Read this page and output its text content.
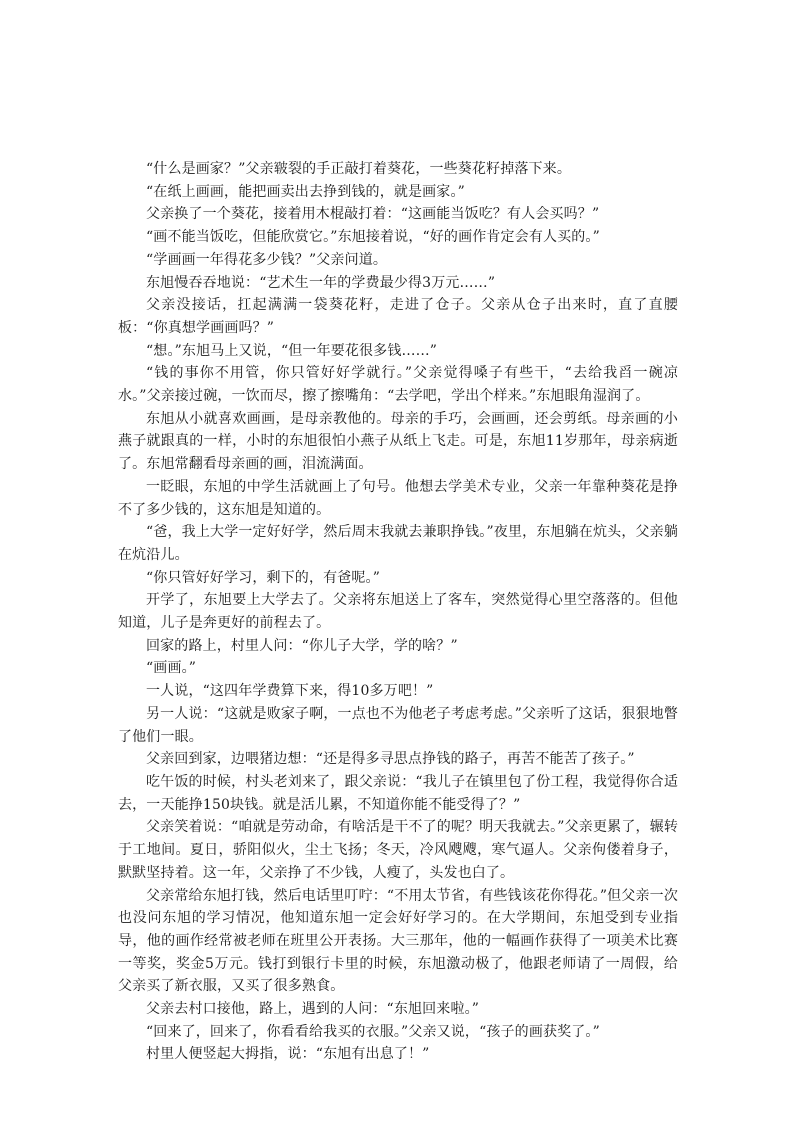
“什么是画家？”父亲皲裂的手正敲打着葵花，一些葵花籽掉落下来。

“在纸上画画，能把画卖出去挣到钱的，就是画家。”

父亲换了一个葵花，接着用木棍敲打着：“这画能当饭吃？有人会买吗？”

“画不能当饭吃，但能欣赏它。”东旭接着说，“好的画作肯定会有人买的。”

“学画画一年得花多少钱？”父亲问道。

东旭慢吞吞地说：“艺术生一年的学费最少得3万元……”

父亲没接话，扛起满满一袋葵花籽，走进了仓子。父亲从仓子出来时，直了直腰板：“你真想学画画吗？”

“想。”东旭马上又说，“但一年要花很多钱……”

“钱的事你不用管，你只管好好学就行。”父亲觉得嗓子有些干，“去给我舀一碗凉水。”父亲接过碗，一饮而尽，擦了擦嘴角：“去学吧，学出个样来。”东旭眼角湿润了。

东旭从小就喜欢画画，是母亲教他的。母亲的手巧，会画画，还会剪纸。母亲画的小燕子就跟真的一样，小时的东旭很怕小燕子从纸上飞走。可是，东旭11岁那年，母亲病逝了。东旭常翻看母亲画的画，泪流满面。

一眨眼，东旭的中学生活就画上了句号。他想去学美术专业，父亲一年靠种葵花是挣不了多少钱的，这东旭是知道的。

“爸，我上大学一定好好学，然后周末我就去兼职挣钱。”夜里，东旭躺在炕头，父亲躺在炕沿儿。

“你只管好好学习，剩下的，有爸呢。”

开学了，东旭要上大学去了。父亲将东旭送上了客车，突然觉得心里空落落的。但他知道，儿子是奔更好的前程去了。

回家的路上，村里人问：“你儿子大学，学的啥？”

“画画。”

一人说，“这四年学费算下来，得10多万吧！”

另一人说：“这就是败家子啊，一点也不为他老子考虑考虑。”父亲听了这话，狠狠地瞥了他们一眼。

父亲回到家，边喂猪边想：“还是得多寻思点挣钱的路子，再苦不能苦了孩子。”

吃午饭的时候，村头老刘来了，跟父亲说：“我儿子在镇里包了份工程，我觉得你合适去，一天能挣150块钱。就是活儿累，不知道你能不能受得了？”

父亲笑着说：“咱就是劳动命，有啥活是干不了的呢？明天我就去。”父亲更累了，辗转于工地间。夏日，骄阳似火，尘土飞扬；冬天，冷风飕飕，寒气逼人。父亲佝偻着身子，默默坚持着。这一年，父亲挣了不少钱，人瘦了，头发也白了。

父亲常给东旭打钱，然后电话里叮咛：“不用太节省，有些钱该花你得花。”但父亲一次也没问东旭的学习情况，他知道东旭一定会好好学习的。在大学期间，东旭受到专业指导，他的画作经常被老师在班里公开表扬。大三那年，他的一幅画作获得了一项美术比赛一等奖，奖金5万元。钱打到银行卡里的时候，东旭激动极了，他跟老师请了一周假，给父亲买了新衣服，又买了很多熟食。

父亲去村口接他，路上，遇到的人问：“东旭回来啦。”

“回来了，回来了，你看看给我买的衣服。”父亲又说，“孩子的画获奖了。”

村里人便竖起大拇指，说：“东旭有出息了！”
